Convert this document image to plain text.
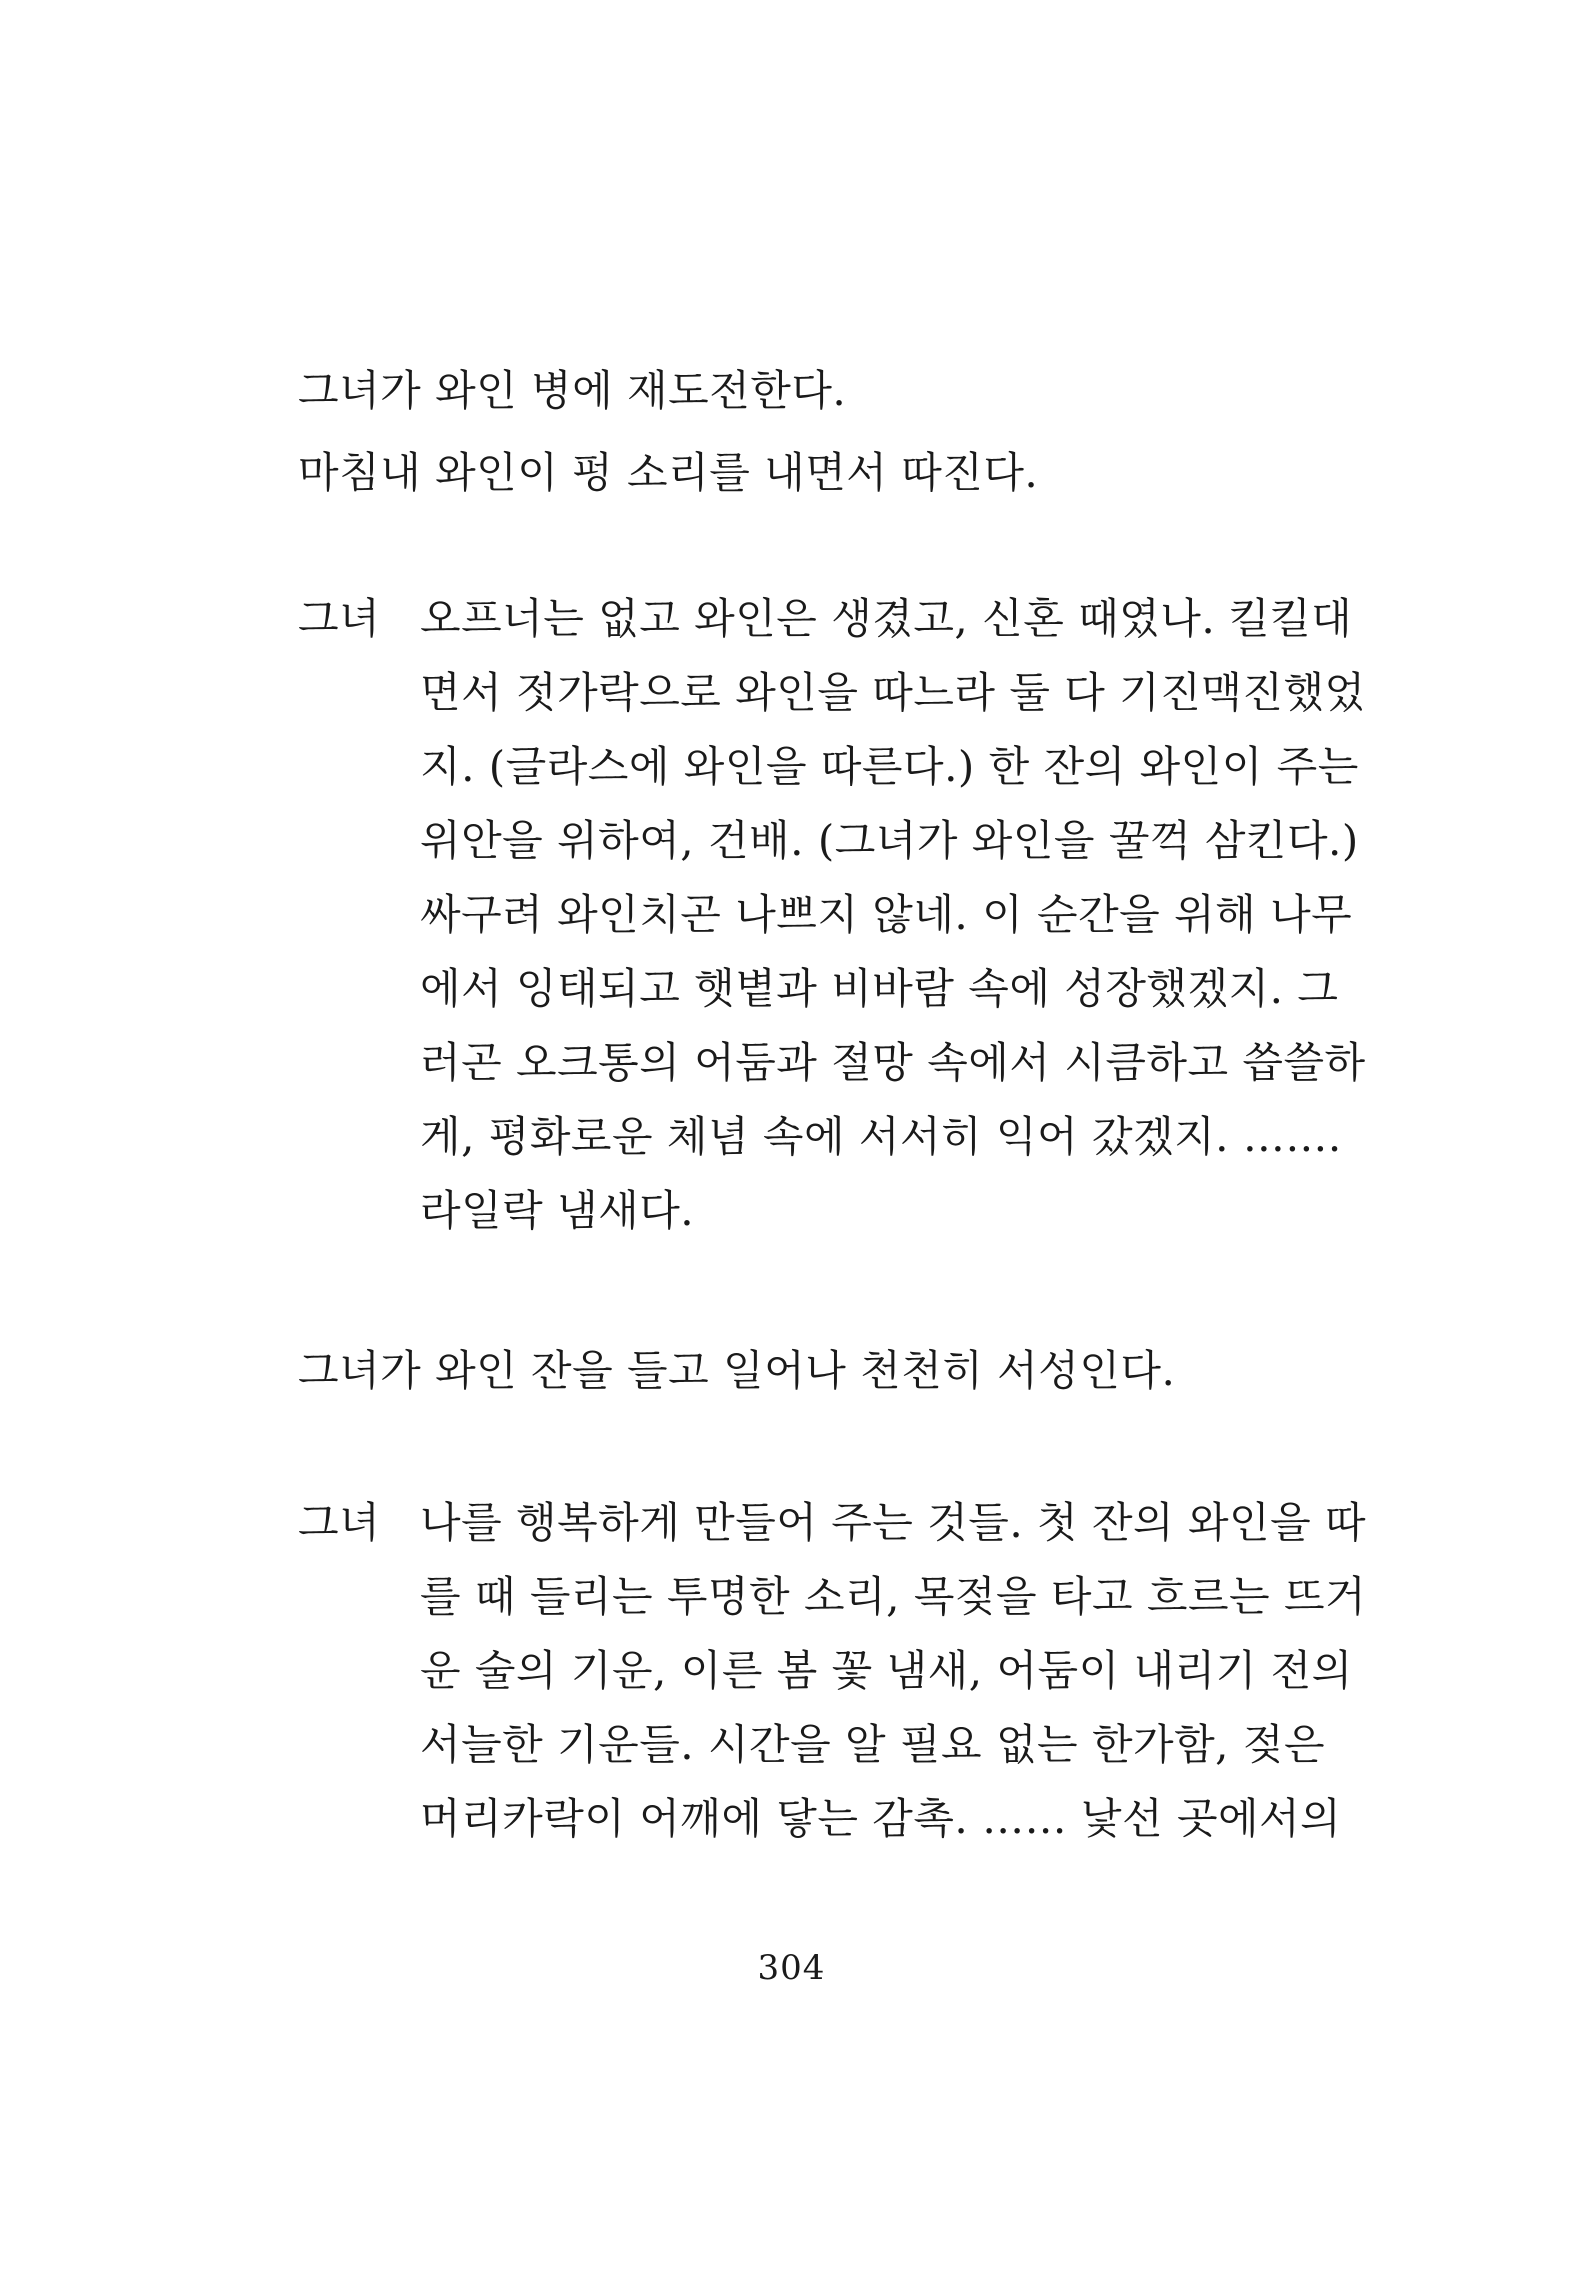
그녀가 와인 병에 재도전한다.
마침내 와인이 펑 소리를 내면서 따진다.
그녀 오프너는 없고 와인은 생겼고, 신혼 때였나. 킬킬대
면서 젓가락으로 와인을 따느라 둘 다 기진맥진했었
지. (글라스에 와인을 따른다.) 한 잔의 와인이 주는
위안을 위하여, 건배. (그녀가 와인을 꿀꺽 삼킨다.)
싸구려 와인치곤 나쁘지 않네. 이 순간을 위해 나무
에서 잉태되고 햇볕과 비바람 속에 성장했겠지. 그
러곤 오크통의 어둠과 절망 속에서 시큼하고 씁쓸하
게, 평화로운 체념 속에 서서히 익어 갔겠지. …….
라일락 냄새다.
그녀가 와인 잔을 들고 일어나 천천히 서성인다.
그녀 나를 행복하게 만들어 주는 것들. 첫 잔의 와인을 따
를 때 들리는 투명한 소리, 목젖을 타고 흐르는 뜨거
운 술의 기운, 이른 봄 꽃 냄새, 어둠이 내리기 전의
서늘한 기운들. 시간을 알 필요 없는 한가함, 젖은
머리카락이 어깨에 닿는 감촉. …… 낯선 곳에서의
304
